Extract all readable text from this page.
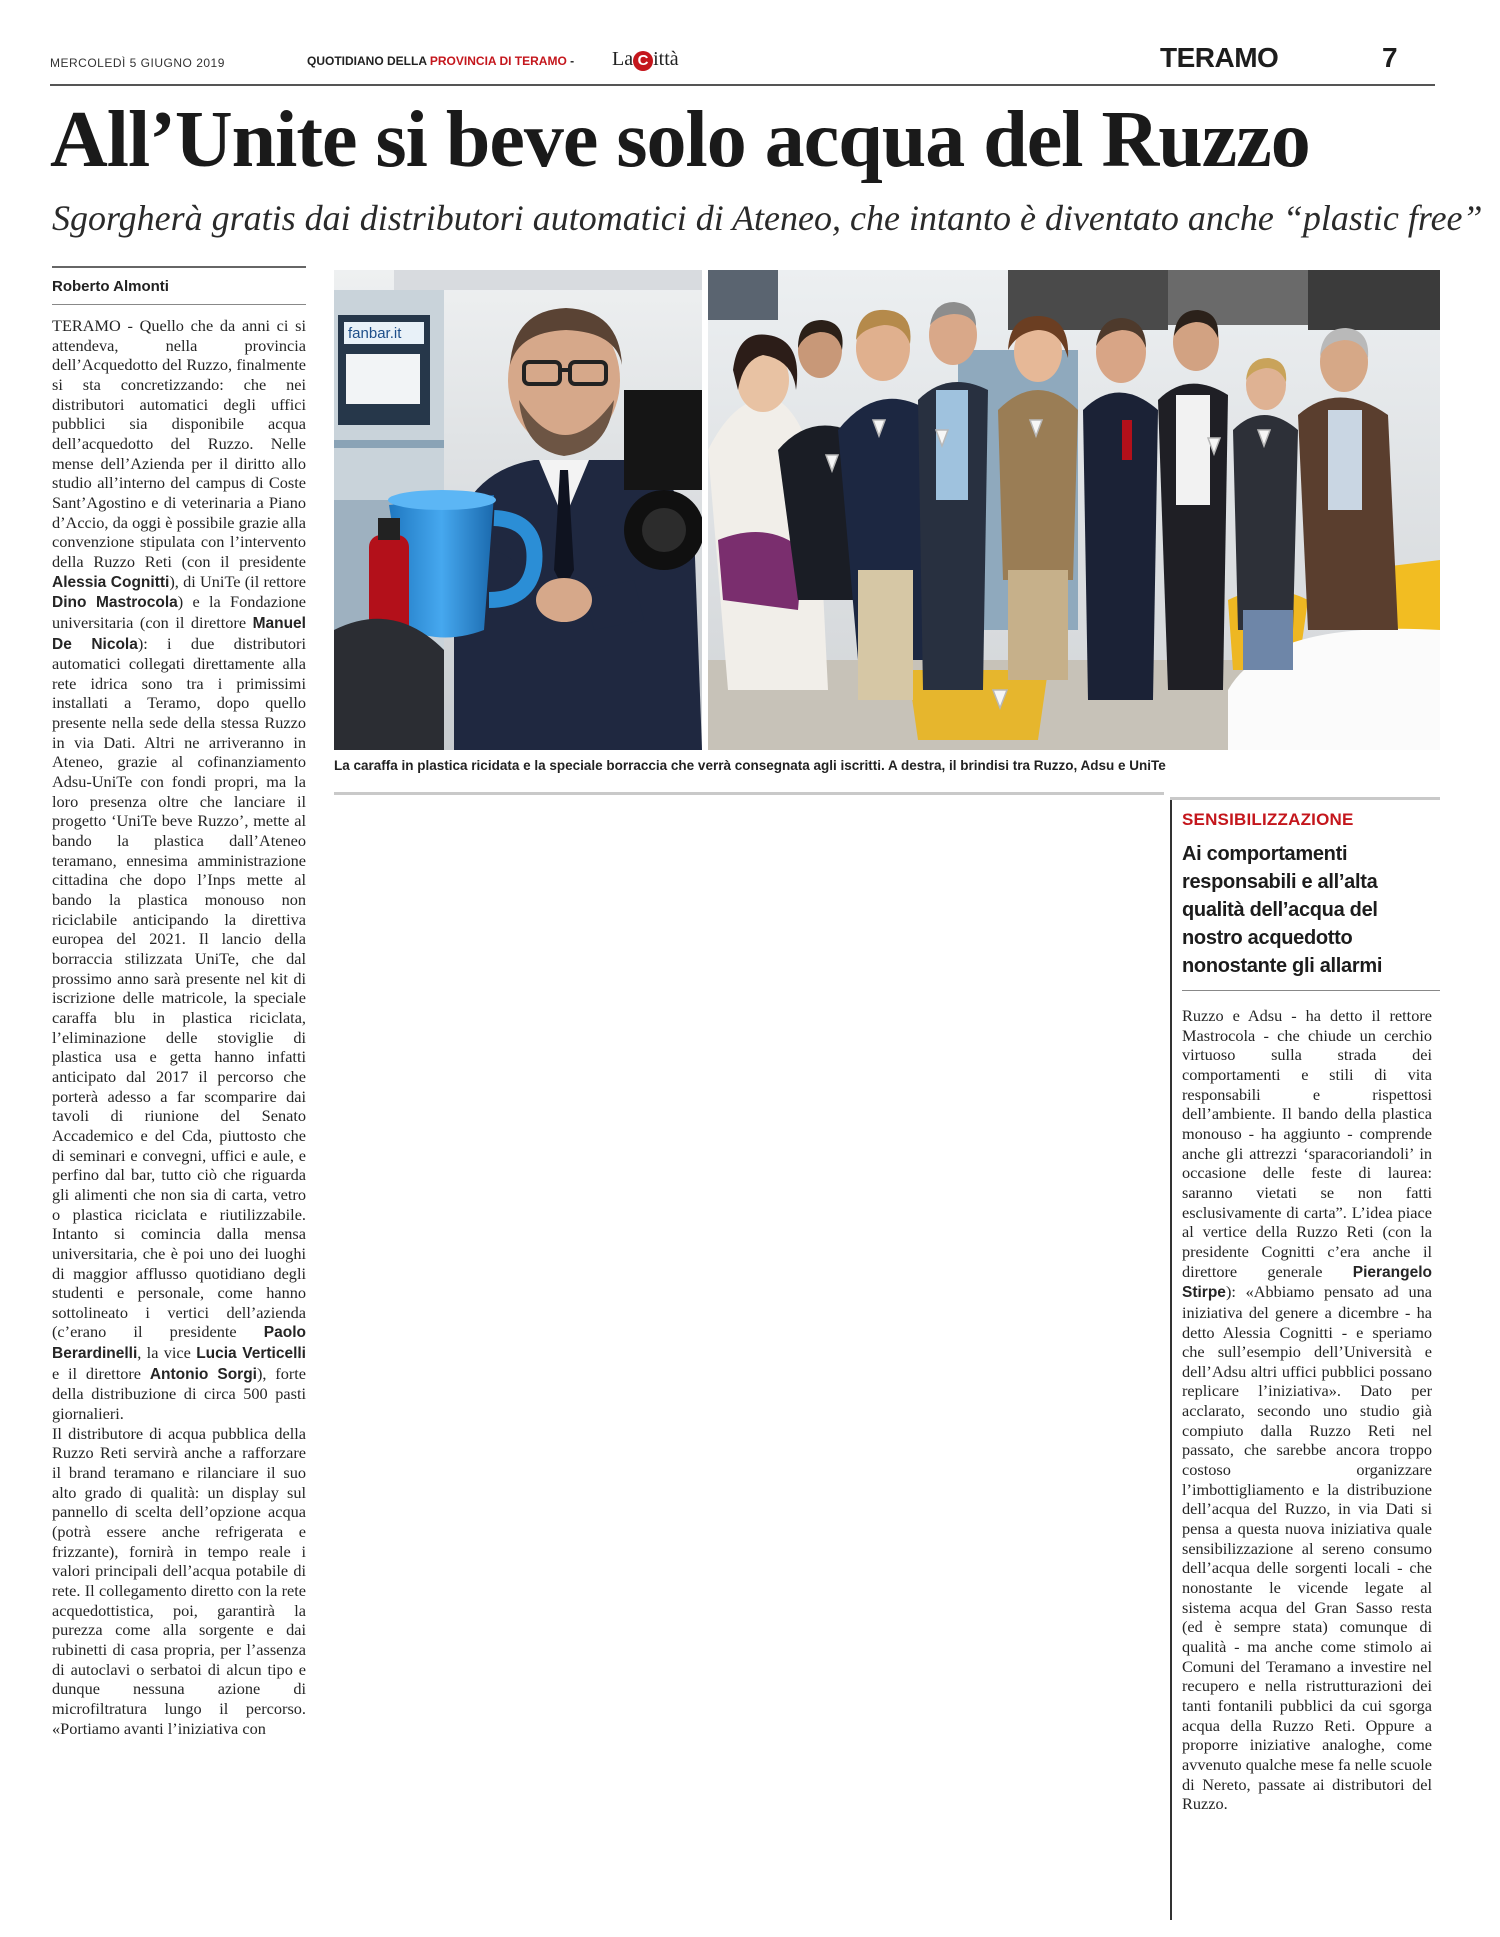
MERCOLEDÌ 5 GIUGNO 2019	QUOTIDIANO DELLA PROVINCIA DI TERAMO - La C ittà	TERAMO	7
All’Unite si beve solo acqua del Ruzzo

Sgorgherà gratis dai distributori automatici di Ateneo, che intanto è diventato anche “plastic free”

Roberto Almonti

TERAMO - Quello che da anni ci si attendeva, nella provincia dell’Acquedotto del Ruzzo, finalmente si sta concretizzando: che nei distributori automatici degli uffici pubblici sia disponibile acqua dell’acquedotto del Ruzzo. Nelle mense dell’Azienda per il diritto allo studio all’interno del campus di Coste Sant’Agostino e di veterinaria a Piano d’Accio, da oggi è possibile grazie alla convenzione stipulata con l’intervento della Ruzzo Reti (con il presidente Alessia Cognitti), di UniTe (il rettore Dino Mastrocola) e la Fondazione universitaria (con il direttore Manuel De Nicola): i due distributori automatici collegati direttamente alla rete idrica sono tra i primissimi installati a Teramo, dopo quello presente nella sede della stessa Ruzzo in via Dati. Altri ne arriveranno in Ateneo, grazie al cofinanziamento Adsu-UniTe con fondi propri, ma la loro presenza oltre che lanciare il progetto ‘UniTe beve Ruzzo’, mette al bando la plastica dall’Ateneo teramano, ennesima amministrazione cittadina che dopo l’Inps mette al bando la plastica monouso non riciclabile anticipando la direttiva europea del 2021. Il lancio della borraccia stilizzata UniTe, che dal prossimo anno sarà presente nel kit di iscrizione delle matricole, la speciale caraffa blu in plastica riciclata, l’eliminazione delle stoviglie di plastica usa e getta hanno infatti anticipato dal 2017 il percorso che porterà adesso a far scomparire dai tavoli di riunione del Senato Accademico e del Cda, piuttosto che di seminari e convegni, uffici e aule, e perfino dal bar, tutto ciò che riguarda gli alimenti che non sia di carta, vetro o plastica riciclata e riutilizzabile. Intanto si comincia dalla mensa universitaria, che è poi uno dei luoghi di maggior afflusso quotidiano degli studenti e personale, come hanno sottolineato i vertici dell’azienda (c’erano il presidente Paolo Berardinelli, la vice Lucia Verticelli e il direttore Antonio Sorgi), forte della distribuzione di circa 500 pasti giornalieri.
Il distributore di acqua pubblica della Ruzzo Reti servirà anche a rafforzare il brand teramano e rilanciare il suo alto grado di qualità: un display sul pannello di scelta dell’opzione acqua (potrà essere anche refrigerata e frizzante), fornirà in tempo reale i valori principali dell’acqua potabile di rete. Il collegamento diretto con la rete acquedottistica, poi, garantirà la purezza come alla sorgente e dai rubinetti di casa propria, per l’assenza di autoclavi o serbatoi di alcun tipo e dunque nessuna azione di microfiltratura lungo il percorso. «Portiamo avanti l’iniziativa con

fanbar.it
La caraffa in plastica ricidata e la speciale borraccia che verrà consegnata agli iscritti. A destra, il brindisi tra Ruzzo, Adsu e UniTe
SENSIBILIZZAZIONE
Ai comportamenti responsabili e all’alta qualità dell’acqua del nostro acquedotto nonostante gli allarmi

Ruzzo e Adsu - ha detto il rettore Mastrocola - che chiude un cerchio virtuoso sulla strada dei comportamenti e stili di vita responsabili e rispettosi dell’ambiente. Il bando della plastica monouso - ha aggiunto - comprende anche gli attrezzi ‘sparacoriandoli’ in occasione delle feste di laurea: saranno vietati se non fatti esclusivamente di carta”. L’idea piace al vertice della Ruzzo Reti (con la presidente Cognitti c’era anche il direttore generale Pierangelo Stirpe): «Abbiamo pensato ad una iniziativa del genere a dicembre - ha detto Alessia Cognitti - e speriamo che sull’esempio dell’Università e dell’Adsu altri uffici pubblici possano replicare l’iniziativa». Dato per acclarato, secondo uno studio già compiuto dalla Ruzzo Reti nel passato, che sarebbe ancora troppo costoso organizzare l’imbottigliamento e la distribuzione dell’acqua del Ruzzo, in via Dati si pensa a questa nuova iniziativa quale sensibilizzazione al sereno consumo dell’acqua delle sorgenti locali - che nonostante le vicende legate al sistema acqua del Gran Sasso resta (ed è sempre stata) comunque di qualità - ma anche come stimolo ai Comuni del Teramano a investire nel recupero e nella ristrutturazioni dei tanti fontanili pubblici da cui sgorga acqua della Ruzzo Reti. Oppure a proporre iniziative analoghe, come avvenuto qualche mese fa nelle scuole di Nereto, passate ai distributori del Ruzzo.
